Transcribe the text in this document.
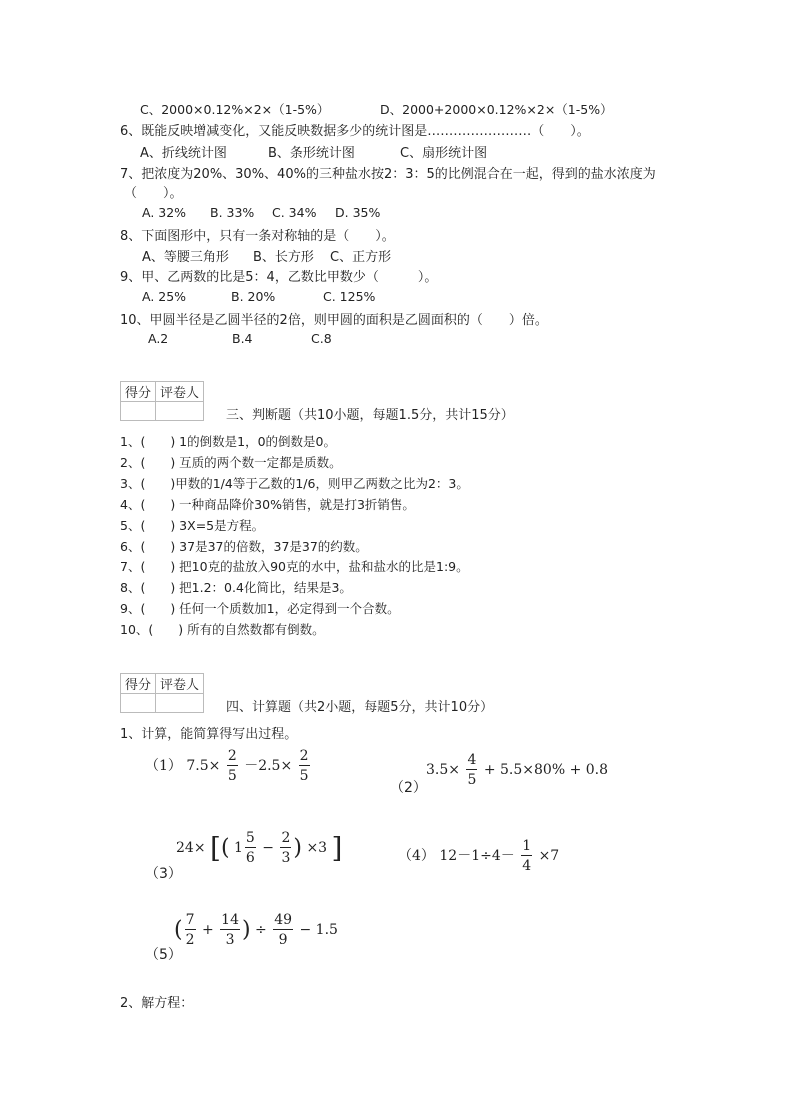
C、2000×0.12%×2×（1-5%）	D、2000+2000×0.12%×2×（1-5%）
6、既能反映增减变化，又能反映数据多少的统计图是……………………（　　）。
A、折线统计图	B、条形统计图	C、扇形统计图
7、把浓度为20%、30%、40%的三种盐水按2：3：5的比例混合在一起，得到的盐水浓度为
（　　）。
A. 32% B. 33% C. 34% D. 35%
8、下面图形中，只有一条对称轴的是（　　）。
A、等腰三角形 B、长方形 C、正方形
9、甲、乙两数的比是5：4，乙数比甲数少（　　　）。
A. 25%	B. 20%	C. 125%
10、甲圆半径是乙圆半径的2倍，则甲圆的面积是乙圆面积的（　　）倍。
A.2	B.4	C.8
得分	评卷人

三、判断题（共10小题，每题1.5分，共计15分）
1、(　　) 1的倒数是1，0的倒数是0。
2、(　　) 互质的两个数一定都是质数。
3、(　　)甲数的1/4等于乙数的1/6，则甲乙两数之比为2：3。
4、(　　) 一种商品降价30%销售，就是打3折销售。
5、(　　) 3X=5是方程。
6、(　　) 37是37的倍数，37是37的约数。
7、(　　) 把10克的盐放入90克的水中，盐和盐水的比是1:9。
8、(　　) 把1.2：0.4化简比，结果是3。
9、(　　) 任何一个质数加1，必定得到一个合数。
10、(　　) 所有的自然数都有倒数。
得分	评卷人

四、计算题（共2小题，每题5分，共计10分）
1、计算，能简算得写出过程。
（1） $7.5\times \frac{2}{5} -2.5\times \frac{2}{5}$
（2）
$3.5\times \frac{4}{5} + 5.5\times 80\% + 0.8$
（3）
24× [( $1 \frac{5}{6} - \frac{2}{3}$ ) ×3 ]	（4） $12-1\div 4- \frac{1}{4} \times 7$
（5）
( $\frac{7}{2} + \frac{14}{3}$ ) ÷ $\frac{49}{9} - 1.5$
2、解方程：
